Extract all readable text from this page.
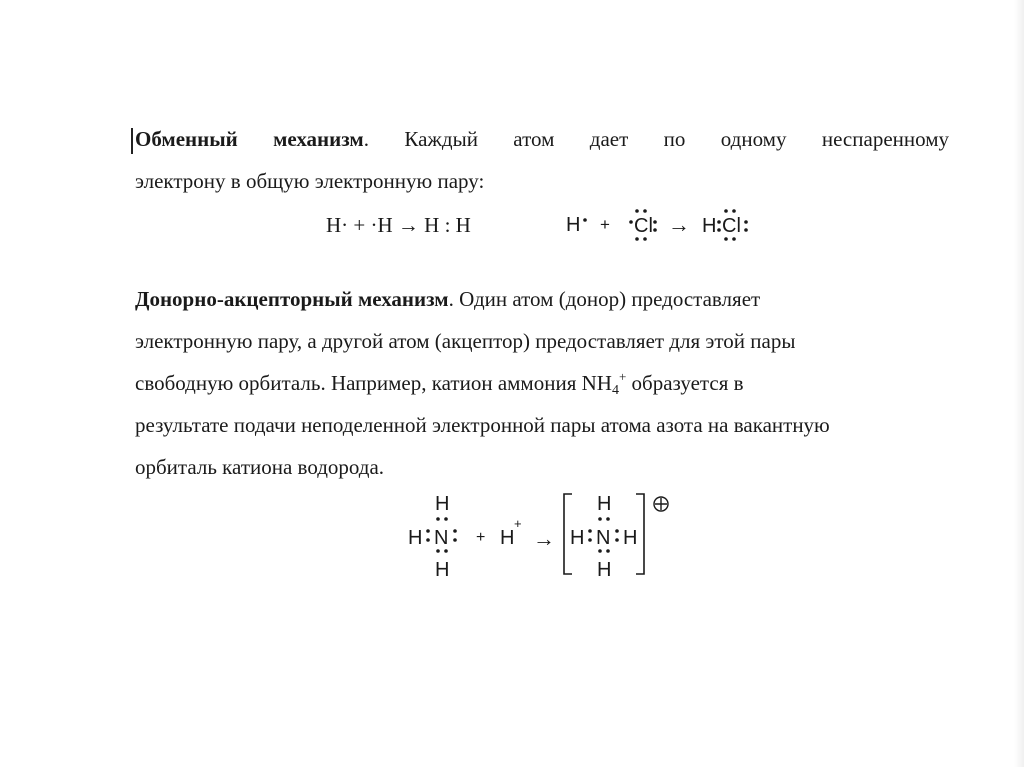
Обменный механизм. Каждый атом дает по одному неспаренному
электрону в общую электронную пару:
H· + ·H → H : H	H + Cl → H Cl
Донорно-акцепторный механизм. Один атом (донор) предоставляет
электронную пару, а другой атом (акцептор) предоставляет для этой пары
свободную орбиталь. Например, катион аммония NH4+ образуется в
результате подачи неподеленной электронной пары атома азота на вакантную
орбиталь катиона водорода.
H
H N
H
+ H
+
→
H
H N H
H
